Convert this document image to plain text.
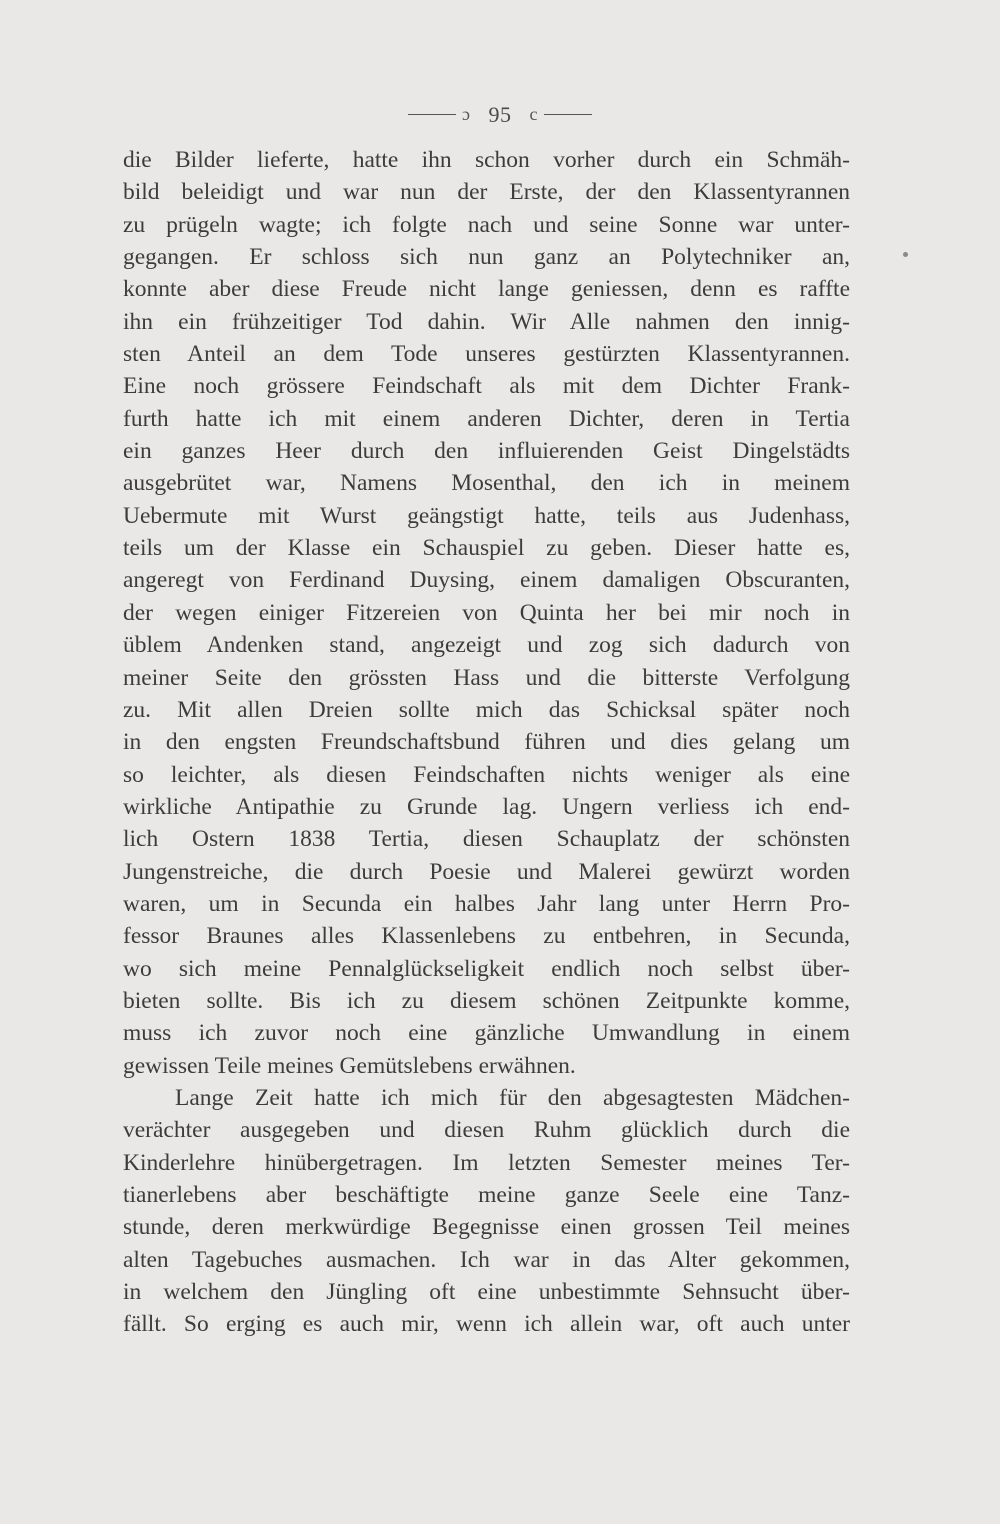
ɔ 95 c
die Bilder lieferte, hatte ihn schon vorher durch ein Schmäh-
bild beleidigt und war nun der Erste, der den Klassentyrannen
zu prügeln wagte; ich folgte nach und seine Sonne war unter-
gegangen. Er schloss sich nun ganz an Polytechniker an,
konnte aber diese Freude nicht lange geniessen, denn es raffte
ihn ein frühzeitiger Tod dahin. Wir Alle nahmen den innig-
sten Anteil an dem Tode unseres gestürzten Klassentyrannen.
Eine noch grössere Feindschaft als mit dem Dichter Frank-
furth hatte ich mit einem anderen Dichter, deren in Tertia
ein ganzes Heer durch den influierenden Geist Dingelstädts
ausgebrütet war, Namens Mosenthal, den ich in meinem
Uebermute mit Wurst geängstigt hatte, teils aus Judenhass,
teils um der Klasse ein Schauspiel zu geben. Dieser hatte es,
angeregt von Ferdinand Duysing, einem damaligen Obscuranten,
der wegen einiger Fitzereien von Quinta her bei mir noch in
üblem Andenken stand, angezeigt und zog sich dadurch von
meiner Seite den grössten Hass und die bitterste Verfolgung
zu. Mit allen Dreien sollte mich das Schicksal später noch
in den engsten Freundschaftsbund führen und dies gelang um
so leichter, als diesen Feindschaften nichts weniger als eine
wirkliche Antipathie zu Grunde lag. Ungern verliess ich end-
lich Ostern 1838 Tertia, diesen Schauplatz der schönsten
Jungenstreiche, die durch Poesie und Malerei gewürzt worden
waren, um in Secunda ein halbes Jahr lang unter Herrn Pro-
fessor Braunes alles Klassenlebens zu entbehren, in Secunda,
wo sich meine Pennalglückseligkeit endlich noch selbst über-
bieten sollte. Bis ich zu diesem schönen Zeitpunkte komme,
muss ich zuvor noch eine gänzliche Umwandlung in einem
gewissen Teile meines Gemütslebens erwähnen.
Lange Zeit hatte ich mich für den abgesagtesten Mädchen-
verächter ausgegeben und diesen Ruhm glücklich durch die
Kinderlehre hinübergetragen. Im letzten Semester meines Ter-
tianerlebens aber beschäftigte meine ganze Seele eine Tanz-
stunde, deren merkwürdige Begegnisse einen grossen Teil meines
alten Tagebuches ausmachen. Ich war in das Alter gekommen,
in welchem den Jüngling oft eine unbestimmte Sehnsucht über-
fällt. So erging es auch mir, wenn ich allein war, oft auch unter
